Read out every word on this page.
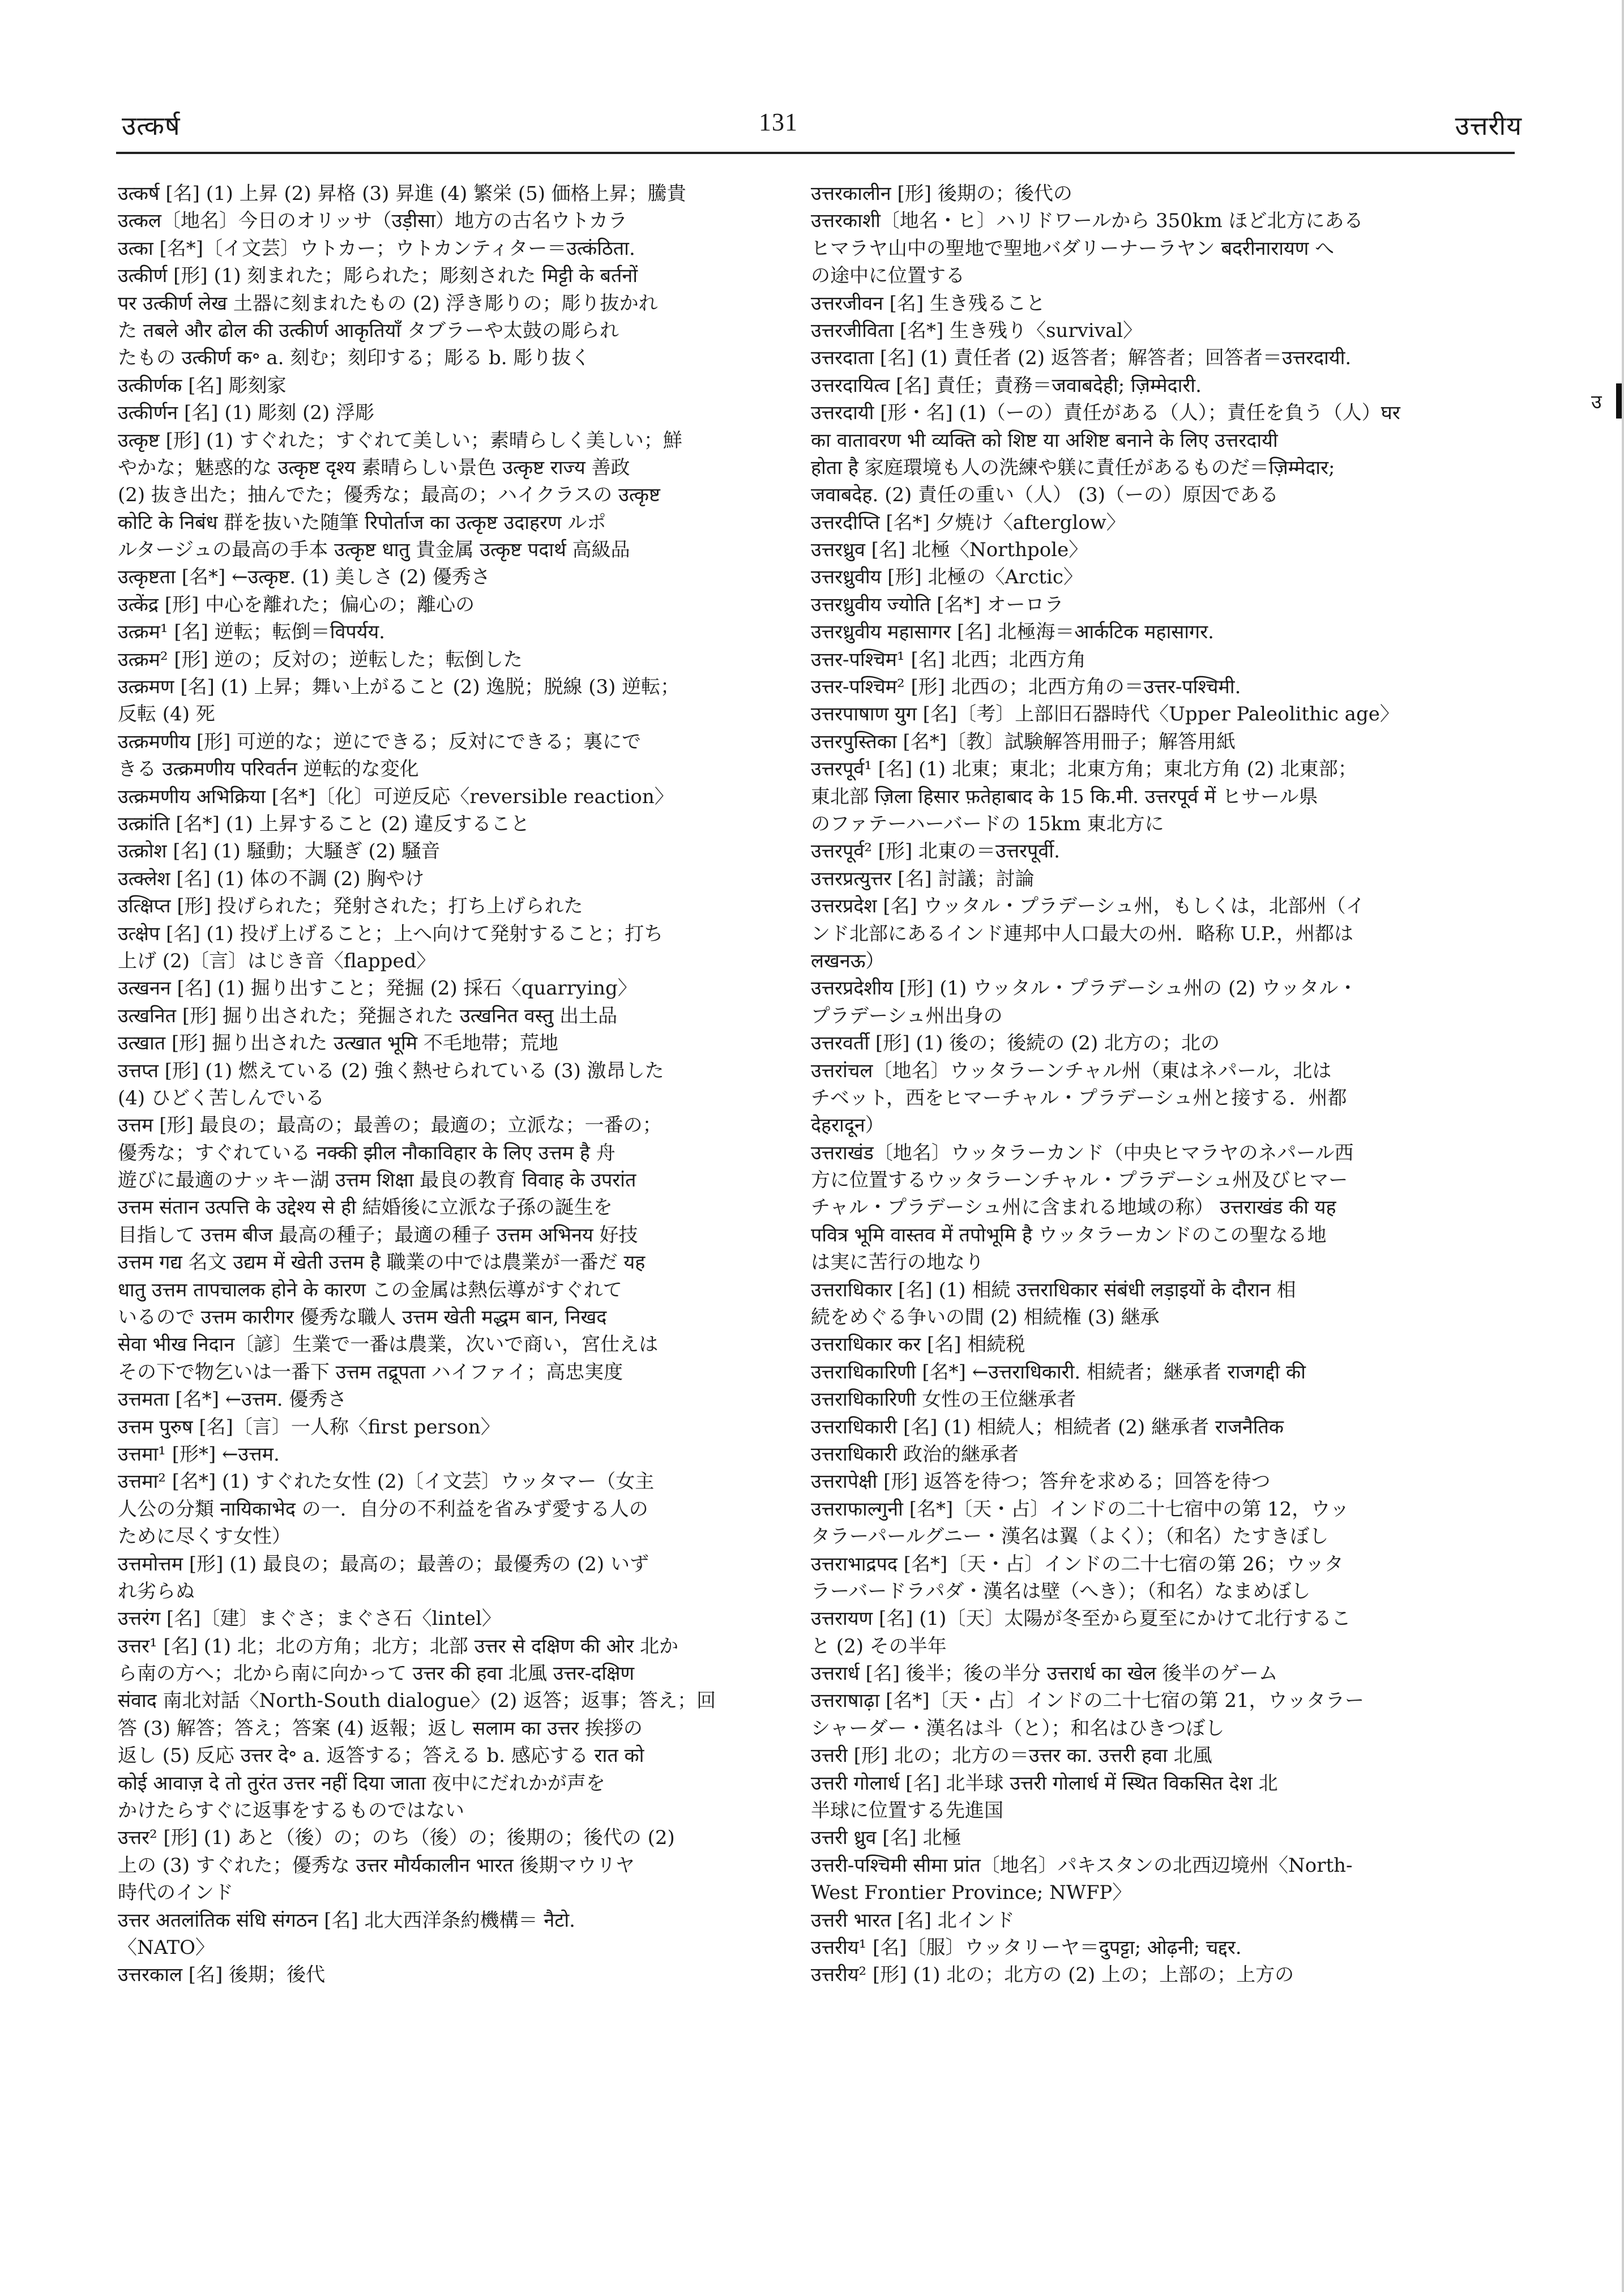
उत्कर्ष	131	उत्तरीय
उत्कर्ष [名] (1) 上昇 (2) 昇格 (3) 昇進 (4) 繁栄 (5) 価格上昇；騰貴
उत्कल〔地名〕今日のオリッサ（उड़ीसा）地方の古名ウトカラ
उत्का [名*]〔イ文芸〕ウトカー；ウトカンティター＝उत्कंठिता.
उत्कीर्ण [形] (1) 刻まれた；彫られた；彫刻された मिट्टी के बर्तनों
पर उत्कीर्ण लेख 土器に刻まれたもの (2) 浮き彫りの；彫り抜かれ
た तबले और ढोल की उत्कीर्ण आकृतियाँ タブラーや太鼓の彫られ
たもの उत्कीर्ण क॰ a. 刻む；刻印する；彫る b. 彫り抜く
उत्कीर्णक [名] 彫刻家
उत्कीर्णन [名] (1) 彫刻 (2) 浮彫
उत्कृष्ट [形] (1) すぐれた；すぐれて美しい；素晴らしく美しい；鮮
やかな；魅惑的な उत्कृष्ट दृश्य 素晴らしい景色 उत्कृष्ट राज्य 善政
(2) 抜き出た；抽んでた；優秀な；最高の；ハイクラスの उत्कृष्ट
कोटि के निबंध 群を抜いた随筆 रिपोर्ताज का उत्कृष्ट उदाहरण ルポ
ルタージュの最高の手本 उत्कृष्ट धातु 貴金属 उत्कृष्ट पदार्थ 高級品
उत्कृष्टता [名*] ←उत्कृष्ट. (1) 美しさ (2) 優秀さ
उत्केंद्र [形] 中心を離れた；偏心の；離心の
उत्क्रम¹ [名] 逆転；転倒＝विपर्यय.
उत्क्रम² [形] 逆の；反対の；逆転した；転倒した
उत्क्रमण [名] (1) 上昇；舞い上がること (2) 逸脱；脱線 (3) 逆転；
反転 (4) 死
उत्क्रमणीय [形] 可逆的な；逆にできる；反対にできる；裏にで
きる उत्क्रमणीय परिवर्तन 逆転的な変化
उत्क्रमणीय अभिक्रिया [名*]〔化〕可逆反応〈reversible reaction〉
उत्क्रांति [名*] (1) 上昇すること (2) 違反すること
उत्क्रोश [名] (1) 騒動；大騒ぎ (2) 騒音
उत्क्लेश [名] (1) 体の不調 (2) 胸やけ
उत्क्षिप्त [形] 投げられた；発射された；打ち上げられた
उत्क्षेप [名] (1) 投げ上げること；上へ向けて発射すること；打ち
上げ (2)〔言〕はじき音〈flapped〉
उत्खनन [名] (1) 掘り出すこと；発掘 (2) 採石〈quarrying〉
उत्खनित [形] 掘り出された；発掘された उत्खनित वस्तु 出土品
उत्खात [形] 掘り出された उत्खात भूमि 不毛地帯；荒地
उत्तप्त [形] (1) 燃えている (2) 強く熱せられている (3) 激昂した
(4) ひどく苦しんでいる
उत्तम [形] 最良の；最高の；最善の；最適の；立派な；一番の；
優秀な；すぐれている नक्की झील नौकाविहार के लिए उत्तम है 舟
遊びに最適のナッキー湖 उत्तम शिक्षा 最良の教育 विवाह के उपरांत
उत्तम संतान उत्पत्ति के उद्देश्य से ही 結婚後に立派な子孫の誕生を
目指して उत्तम बीज 最高の種子；最適の種子 उत्तम अभिनय 好技
उत्तम गद्य 名文 उद्यम में खेती उत्तम है 職業の中では農業が一番だ यह
धातु उत्तम तापचालक होने के कारण この金属は熱伝導がすぐれて
いるので उत्तम कारीगर 優秀な職人 उत्तम खेती मद्धम बान, निखद
सेवा भीख निदान〔諺〕生業で一番は農業，次いで商い，宮仕えは
その下で物乞いは一番下 उत्तम तद्रूपता ハイファイ；高忠実度
उत्तमता [名*] ←उत्तम. 優秀さ
उत्तम पुरुष [名]〔言〕一人称〈first person〉
उत्तमा¹ [形*] ←उत्तम.
उत्तमा² [名*] (1) すぐれた女性 (2)〔イ文芸〕ウッタマー（女主
人公の分類 नायिकाभेद の一．自分の不利益を省みず愛する人の
ために尽くす女性）
उत्तमोत्तम [形] (1) 最良の；最高の；最善の；最優秀の (2) いず
れ劣らぬ
उत्तरंग [名]〔建〕まぐさ；まぐさ石〈lintel〉
उत्तर¹ [名] (1) 北；北の方角；北方；北部 उत्तर से दक्षिण की ओर 北か
ら南の方へ；北から南に向かって उत्तर की हवा 北風 उत्तर-दक्षिण
संवाद 南北対話〈North-South dialogue〉(2) 返答；返事；答え；回
答 (3) 解答；答え；答案 (4) 返報；返し सलाम का उत्तर 挨拶の
返し (5) 反応 उत्तर दे॰ a. 返答する；答える b. 感応する रात को
कोई आवाज़ दे तो तुरंत उत्तर नहीं दिया जाता 夜中にだれかが声を
かけたらすぐに返事をするものではない
उत्तर² [形] (1) あと（後）の；のち（後）の；後期の；後代の (2)
上の (3) すぐれた；優秀な उत्तर मौर्यकालीन भारत 後期マウリヤ
時代のインド
उत्तर अतलांतिक संधि संगठन [名] 北大西洋条約機構＝ नैटो.
〈NATO〉
उत्तरकाल [名] 後期；後代
उत्तरकालीन [形] 後期の；後代の
उत्तरकाशी〔地名・ヒ〕ハリドワールから 350km ほど北方にある
ヒマラヤ山中の聖地で聖地バダリーナーラヤン बदरीनारायण へ
の途中に位置する
उत्तरजीवन [名] 生き残ること
उत्तरजीविता [名*] 生き残り〈survival〉
उत्तरदाता [名] (1) 責任者 (2) 返答者；解答者；回答者＝उत्तरदायी.
उत्तरदायित्व [名] 責任；責務＝जवाबदेही; ज़िम्मेदारी.
उत्तरदायी [形・名] (1)（ーの）責任がある（人）；責任を負う（人）घर
का वातावरण भी व्यक्ति को शिष्ट या अशिष्ट बनाने के लिए उत्तरदायी
होता है 家庭環境も人の洗練や躾に責任があるものだ＝ज़िम्मेदार;
जवाबदेह. (2) 責任の重い（人） (3)（ーの）原因である
उत्तरदीप्ति [名*] 夕焼け〈afterglow〉
उत्तरध्रुव [名] 北極〈Northpole〉
उत्तरध्रुवीय [形] 北極の〈Arctic〉
उत्तरध्रुवीय ज्योति [名*] オーロラ
उत्तरध्रुवीय महासागर [名] 北極海＝आर्कटिक महासागर.
उत्तर-पश्चिम¹ [名] 北西；北西方角
उत्तर-पश्चिम² [形] 北西の；北西方角の＝उत्तर-पश्चिमी.
उत्तरपाषाण युग [名]〔考〕上部旧石器時代〈Upper Paleolithic age〉
उत्तरपुस्तिका [名*]〔教〕試験解答用冊子；解答用紙
उत्तरपूर्व¹ [名] (1) 北東；東北；北東方角；東北方角 (2) 北東部；
東北部 ज़िला हिसार फ़तेहाबाद के 15 कि.मी. उत्तरपूर्व में ヒサール県
のファテーハーバードの 15km 東北方に
उत्तरपूर्व² [形] 北東の＝उत्तरपूर्वी.
उत्तरप्रत्युत्तर [名] 討議；討論
उत्तरप्रदेश [名] ウッタル・プラデーシュ州，もしくは，北部州（イ
ンド北部にあるインド連邦中人口最大の州．略称 U.P.，州都は
लखनऊ）
उत्तरप्रदेशीय [形] (1) ウッタル・プラデーシュ州の (2) ウッタル・
プラデーシュ州出身の
उत्तरवर्ती [形] (1) 後の；後続の (2) 北方の；北の
उत्तरांचल〔地名〕ウッタラーンチャル州（東はネパール，北は
チベット，西をヒマーチャル・プラデーシュ州と接する．州都
देहरादून）
उत्तराखंड〔地名〕ウッタラーカンド（中央ヒマラヤのネパール西
方に位置するウッタラーンチャル・プラデーシュ州及びヒマー
チャル・プラデーシュ州に含まれる地域の称） उत्तराखंड की यह
पवित्र भूमि वास्तव में तपोभूमि है ウッタラーカンドのこの聖なる地
は実に苦行の地なり
उत्तराधिकार [名] (1) 相続 उत्तराधिकार संबंधी लड़ाइयों के दौरान 相
続をめぐる争いの間 (2) 相続権 (3) 継承
उत्तराधिकार कर [名] 相続税
उत्तराधिकारिणी [名*] ←उत्तराधिकारी. 相続者；継承者 राजगद्दी की
उत्तराधिकारिणी 女性の王位継承者
उत्तराधिकारी [名] (1) 相続人；相続者 (2) 継承者 राजनैतिक
उत्तराधिकारी 政治的継承者
उत्तरापेक्षी [形] 返答を待つ；答弁を求める；回答を待つ
उत्तराफाल्गुनी [名*]〔天・占〕インドの二十七宿中の第 12，ウッ
タラーパールグニー・漢名は翼（よく）；（和名）たすきぼし
उत्तराभाद्रपद [名*]〔天・占〕インドの二十七宿の第 26；ウッタ
ラーバードラパダ・漢名は壁（へき）；（和名）なまめぼし
उत्तरायण [名] (1)〔天〕太陽が冬至から夏至にかけて北行するこ
と (2) その半年
उत्तरार्ध [名] 後半；後の半分 उत्तरार्ध का खेल 後半のゲーム
उत्तराषाढ़ा [名*]〔天・占〕インドの二十七宿の第 21，ウッタラー
シャーダー・漢名は斗（と）；和名はひきつぼし
उत्तरी [形] 北の；北方の＝उत्तर का. उत्तरी हवा 北風
उत्तरी गोलार्ध [名] 北半球 उत्तरी गोलार्ध में स्थित विकसित देश 北
半球に位置する先進国
उत्तरी ध्रुव [名] 北極
उत्तरी-पश्चिमी सीमा प्रांत〔地名〕パキスタンの北西辺境州〈North-
West Frontier Province; NWFP〉
उत्तरी भारत [名] 北インド
उत्तरीय¹ [名]〔服〕ウッタリーヤ＝दुपट्टा; ओढ़नी; चद्दर.
उत्तरीय² [形] (1) 北の；北方の (2) 上の；上部の；上方の
उ
